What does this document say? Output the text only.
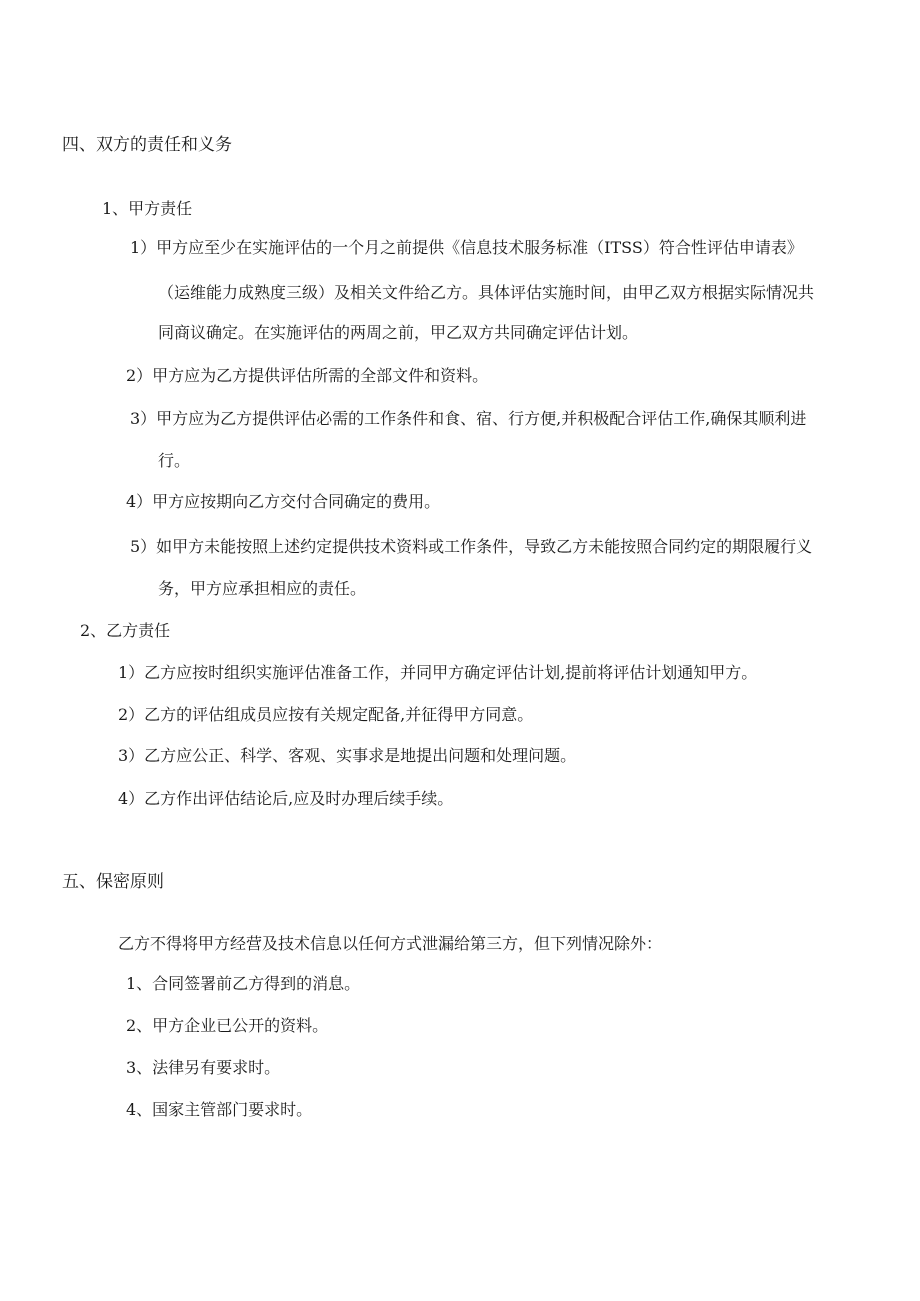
四、双方的责任和义务

1、甲方责任

1）甲方应至少在实施评估的一个月之前提供《信息技术服务标准（ITSS）符合性评估申请表》

（运维能力成熟度三级）及相关文件给乙方。具体评估实施时间，由甲乙双方根据实际情况共

同商议确定。在实施评估的两周之前，甲乙双方共同确定评估计划。

2）甲方应为乙方提供评估所需的全部文件和资料。

3）甲方应为乙方提供评估必需的工作条件和食、宿、行方便,并积极配合评估工作,确保其顺利进

行。

4）甲方应按期向乙方交付合同确定的费用。

5）如甲方未能按照上述约定提供技术资料或工作条件，导致乙方未能按照合同约定的期限履行义

务，甲方应承担相应的责任。

2、乙方责任

1）乙方应按时组织实施评估准备工作，并同甲方确定评估计划,提前将评估计划通知甲方。

2）乙方的评估组成员应按有关规定配备,并征得甲方同意。

3）乙方应公正、科学、客观、实事求是地提出问题和处理问题。

4）乙方作出评估结论后,应及时办理后续手续。

五、保密原则

乙方不得将甲方经营及技术信息以任何方式泄漏给第三方，但下列情况除外：

1、合同签署前乙方得到的消息。

2、甲方企业已公开的资料。

3、法律另有要求时。

4、国家主管部门要求时。
